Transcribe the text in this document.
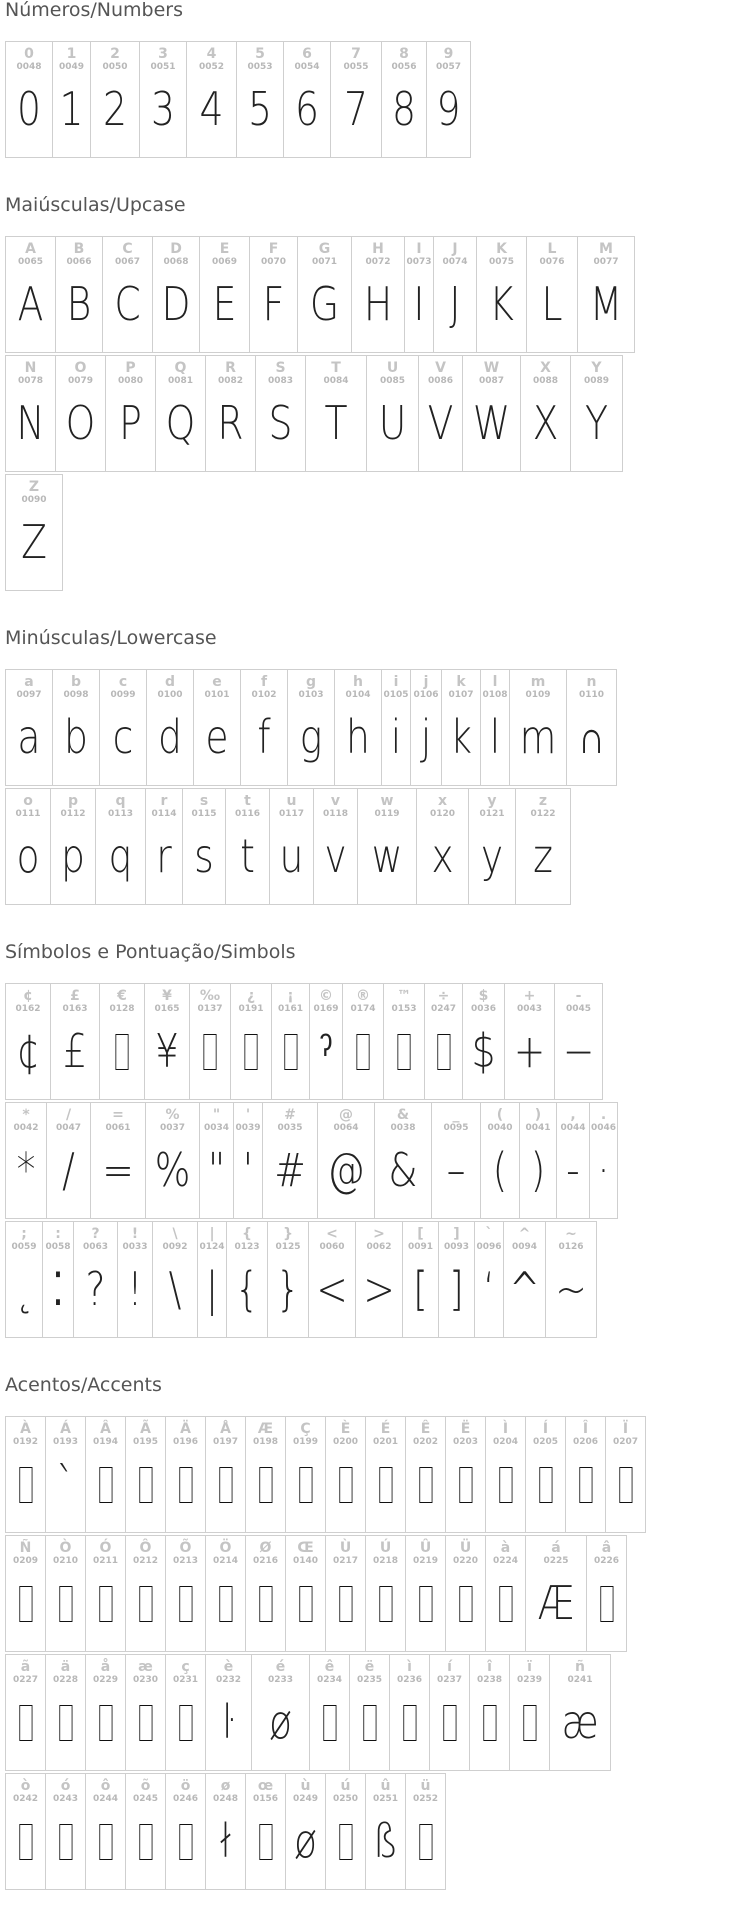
Números/Numbers
0
0048
0
1
0049
1
2
0050
2
3
0051
3
4
0052
4
5
0053
5
6
0054
6
7
0055
7
8
0056
8
9
0057
9
Maiúsculas/Upcase
A
0065
A
B
0066
B
C
0067
C
D
0068
D
E
0069
E
F
0070
F
G
0071
G
H
0072
H
I
0073
I
J
0074
J
K
0075
K
L
0076
L
M
0077
M
N
0078
N
O
0079
O
P
0080
P
Q
0081
Q
R
0082
R
S
0083
S
T
0084
T
U
0085
U
V
0086
V
W
0087
W
X
0088
X
Y
0089
Y
Z
0090
Z
Minúsculas/Lowercase
a
0097
a
b
0098
b
c
0099
c
d
0100
d
e
0101
e
f
0102
f
g
0103
g
h
0104
h
i
0105
i
j
0106
j
k
0107
k
l
0108
l
m
0109
m
n
0110
∩
o
0111
o
p
0112
p
q
0113
q
r
0114
r
s
0115
s
t
0116
t
u
0117
u
v
0118
v
w
0119
w
x
0120
x
y
0121
y
z
0122
z
Símbolos e Pontuação/Simbols
¢
0162
¢
£
0163
£
€
0128
¥
0165
¥
‰
0137
¿
0191
¡
0161
©
0169
ˀ
®
0174
™
0153
÷
0247
$
0036
$
+
0043
+
-
0045
−
*
0042
*
/
0047
/
=
0061
=
%
0037
%
"
0034
"
'
0039
'
#
0035
#
@
0064
@
&
0038
&
_
0095
–
(
0040
(
)
0041
)
,
0044
-
.
0046
·
;
0059
˛
:
0058
⁚
?
0063
?
!
0033
!
\
0092
\
|
0124
|
{
0123
{
}
0125
}
<
0060
<
>
0062
>
[
0091
[
]
0093
]
`
0096
ʻ
^
0094
^
~
0126
~
Acentos/Accents
À
0192
Á
0193
`
Â
0194
Ã
0195
Ä
0196
Å
0197
Æ
0198
Ç
0199
È
0200
É
0201
Ê
0202
Ë
0203
Ì
0204
Í
0205
Î
0206
Ï
0207
Ñ
0209
Ò
0210
Ó
0211
Ô
0212
Õ
0213
Ö
0214
Ø
0216
Œ
0140
Ù
0217
Ú
0218
Û
0219
Ü
0220
à
0224
á
0225
Æ
â
0226
ã
0227
ä
0228
å
0229
æ
0230
ç
0231
è
0232
ŀ
é
0233
ø
ê
0234
ë
0235
ì
0236
í
0237
î
0238
ï
0239
ñ
0241
æ
ò
0242
ó
0243
ô
0244
õ
0245
ö
0246
ø
0248
ł
œ
0156
ù
0249
ø
ú
0250
û
0251
ß
ü
0252
